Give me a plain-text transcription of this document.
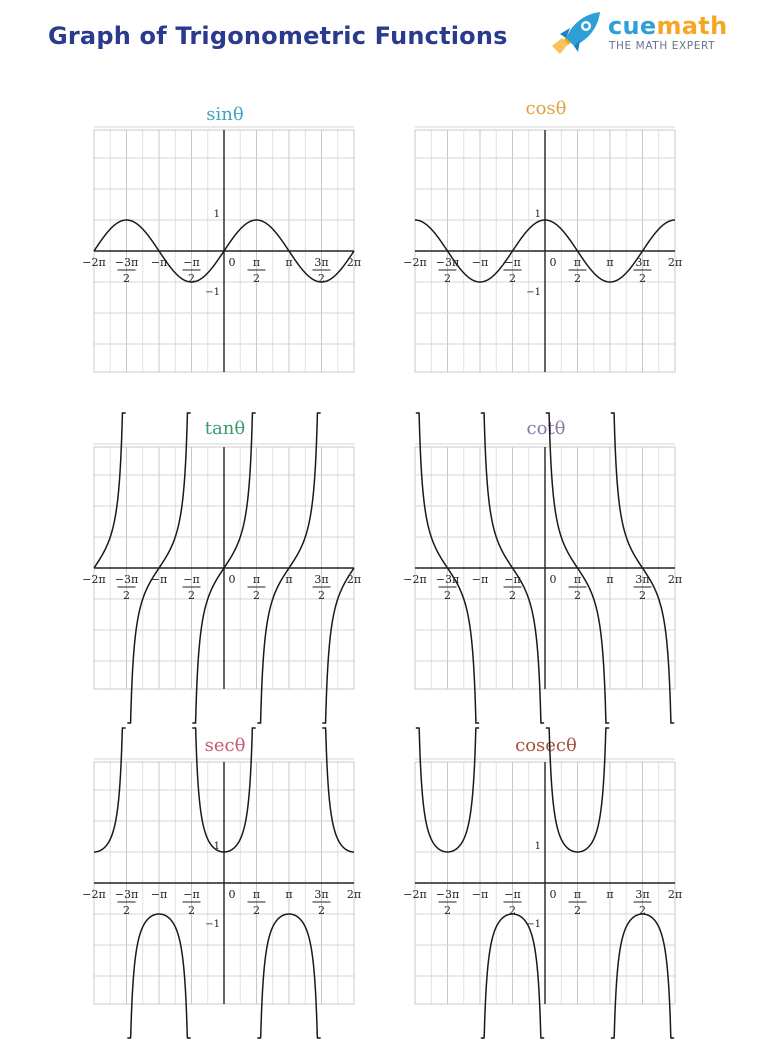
Graph of Trigonometric Functions	cuemath
THE MATH EXPERT
sinθ
−2π −3π
2
−π −π
2
0 π
2
π 3π
2
2π
1
−1
cosθ
−2π −3π
2
−π −π
2
0 π
2
π 3π
2
2π
1
−1
tanθ
−2π −3π
2
−π −π
2
0 π
2
π 3π
2
2π
cotθ
−2π −3π
2
−π −π
2
0 π
2
π 3π
2
2π
secθ
−2π −3π
2
−π −π
2
0 π
2
π 3π
2
2π
1
−1
cosecθ
−2π −3π
2
−π −π
2
0 π
2
π 3π
2
2π
1
−1
